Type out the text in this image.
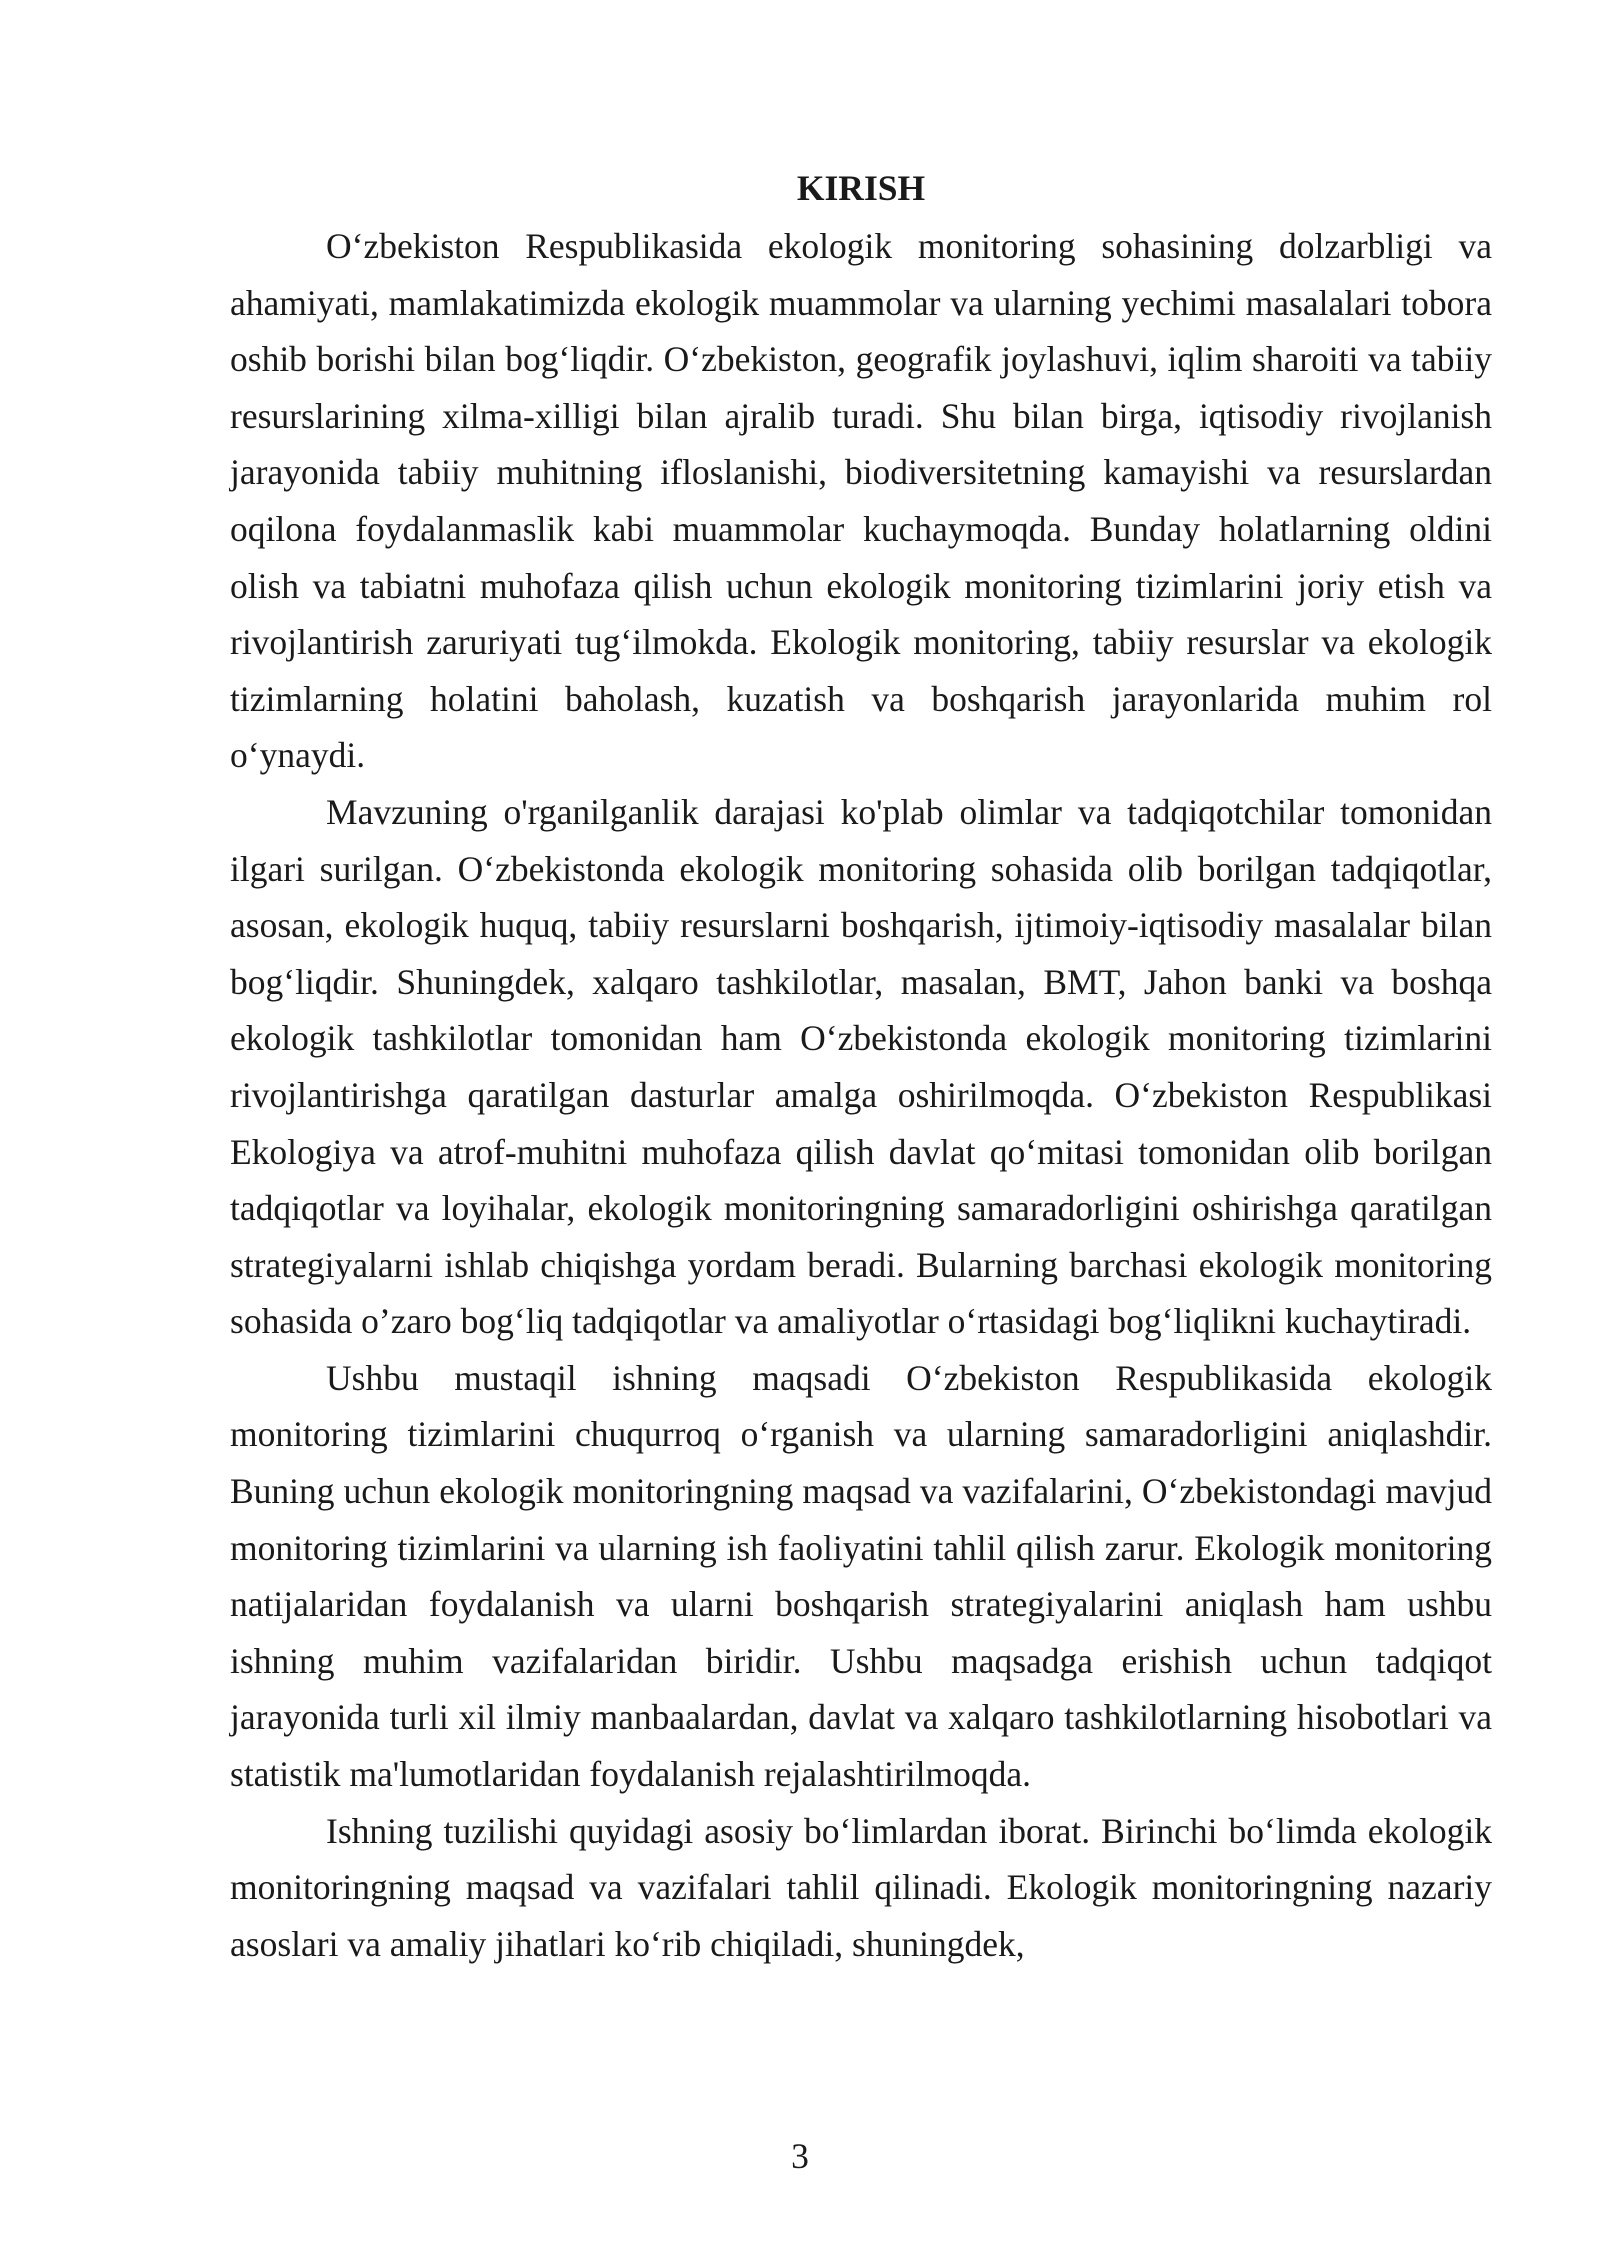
KIRISH

O‘zbekiston Respublikasida ekologik monitoring sohasining dolzarbligi va ahamiyati, mamlakatimizda ekologik muammolar va ularning yechimi masalalari tobora oshib borishi bilan bog‘liqdir. O‘zbekiston, geografik joylashuvi, iqlim sharoiti va tabiiy resurslarining xilma-xilligi bilan ajralib turadi. Shu bilan birga, iqtisodiy rivojlanish jarayonida tabiiy muhitning ifloslanishi, biodiversitetning kamayishi va resurslardan oqilona foydalanmaslik kabi muammolar kuchaymoqda. Bunday holatlarning oldini olish va tabiatni muhofaza qilish uchun ekologik monitoring tizimlarini joriy etish va rivojlantirish zaruriyati tug‘ilmokda. Ekologik monitoring, tabiiy resurslar va ekologik tizimlarning holatini baholash, kuzatish va boshqarish jarayonlarida muhim rol o‘ynaydi.

Mavzuning o'rganilganlik darajasi ko'plab olimlar va tadqiqotchilar tomonidan ilgari surilgan. O‘zbekistonda ekologik monitoring sohasida olib borilgan tadqiqotlar, asosan, ekologik huquq, tabiiy resurslarni boshqarish, ijtimoiy-iqtisodiy masalalar bilan bog‘liqdir. Shuningdek, xalqaro tashkilotlar, masalan, BMT, Jahon banki va boshqa ekologik tashkilotlar tomonidan ham O‘zbekistonda ekologik monitoring tizimlarini rivojlantirishga qaratilgan dasturlar amalga oshirilmoqda. O‘zbekiston Respublikasi Ekologiya va atrof-muhitni muhofaza qilish davlat qo‘mitasi tomonidan olib borilgan tadqiqotlar va loyihalar, ekologik monitoringning samaradorligini oshirishga qaratilgan strategiyalarni ishlab chiqishga yordam beradi. Bularning barchasi ekologik monitoring sohasida o’zaro bog‘liq tadqiqotlar va amaliyotlar o‘rtasidagi bog‘liqlikni kuchaytiradi.

Ushbu mustaqil ishning maqsadi O‘zbekiston Respublikasida ekologik monitoring tizimlarini chuqurroq o‘rganish va ularning samaradorligini aniqlashdir. Buning uchun ekologik monitoringning maqsad va vazifalarini, O‘zbekistondagi mavjud monitoring tizimlarini va ularning ish faoliyatini tahlil qilish zarur. Ekologik monitoring natijalaridan foydalanish va ularni boshqarish strategiyalarini aniqlash ham ushbu ishning muhim vazifalaridan biridir. Ushbu maqsadga erishish uchun tadqiqot jarayonida turli xil ilmiy manbaalardan, davlat va xalqaro tashkilotlarning hisobotlari va statistik ma'lumotlaridan foydalanish rejalashtirilmoqda.

Ishning tuzilishi quyidagi asosiy bo‘limlardan iborat. Birinchi bo‘limda ekologik monitoringning maqsad va vazifalari tahlil qilinadi. Ekologik monitoringning nazariy asoslari va amaliy jihatlari ko‘rib chiqiladi, shuningdek,

3
